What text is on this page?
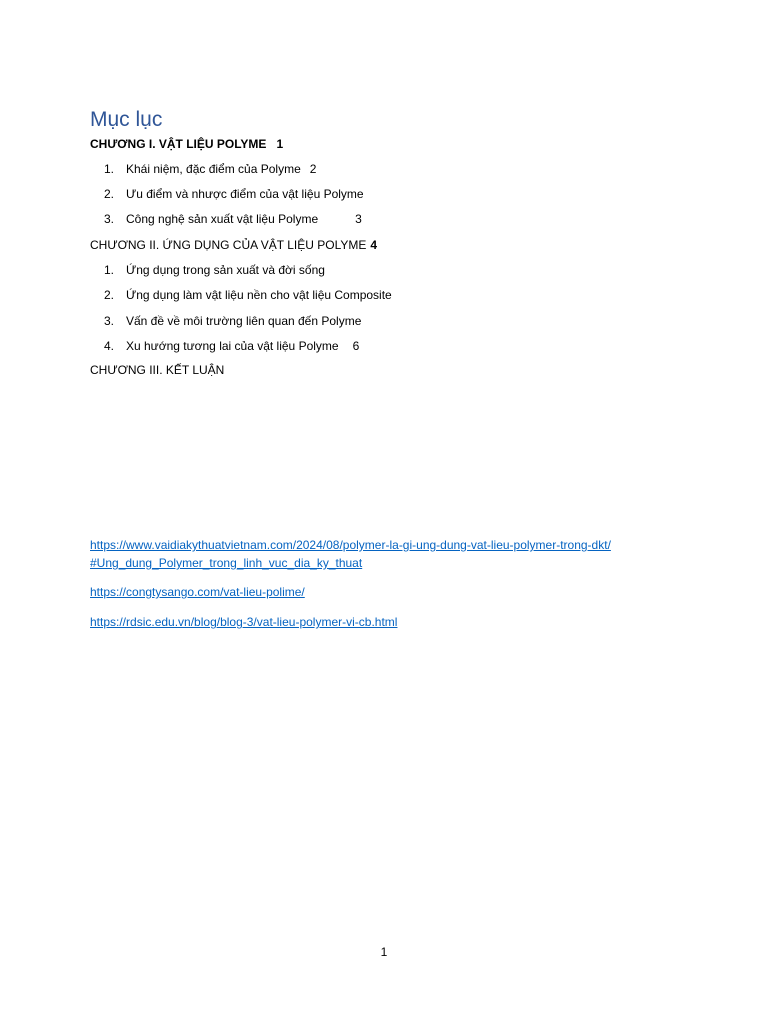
Mục lục
CHƯƠNG I. VẬT LIỆU POLYME 1
1. Khái niệm, đặc điểm của Polyme 2
2. Ưu điểm và nhược điểm của vật liệu Polyme
3. Công nghệ sản xuất vật liệu Polyme	3
CHƯƠNG II. ỨNG DỤNG CỦA VẬT LIỆU POLYME 4
1. Ứng dụng trong sản xuất và đời sống
2. Ứng dụng làm vật liệu nền cho vật liệu Composite
3. Vấn đề về môi trường liên quan đến Polyme
4. Xu hướng tương lai của vật liệu Polyme 6
CHƯƠNG III. KẾT LUẬN
https://www.vaidiakythuatvietnam.com/2024/08/polymer-la-gi-ung-dung-vat-lieu-polymer-trong-dkt/
#Ung_dung_Polymer_trong_linh_vuc_dia_ky_thuat
https://congtysango.com/vat-lieu-polime/
https://rdsic.edu.vn/blog/blog-3/vat-lieu-polymer-vi-cb.html
1
